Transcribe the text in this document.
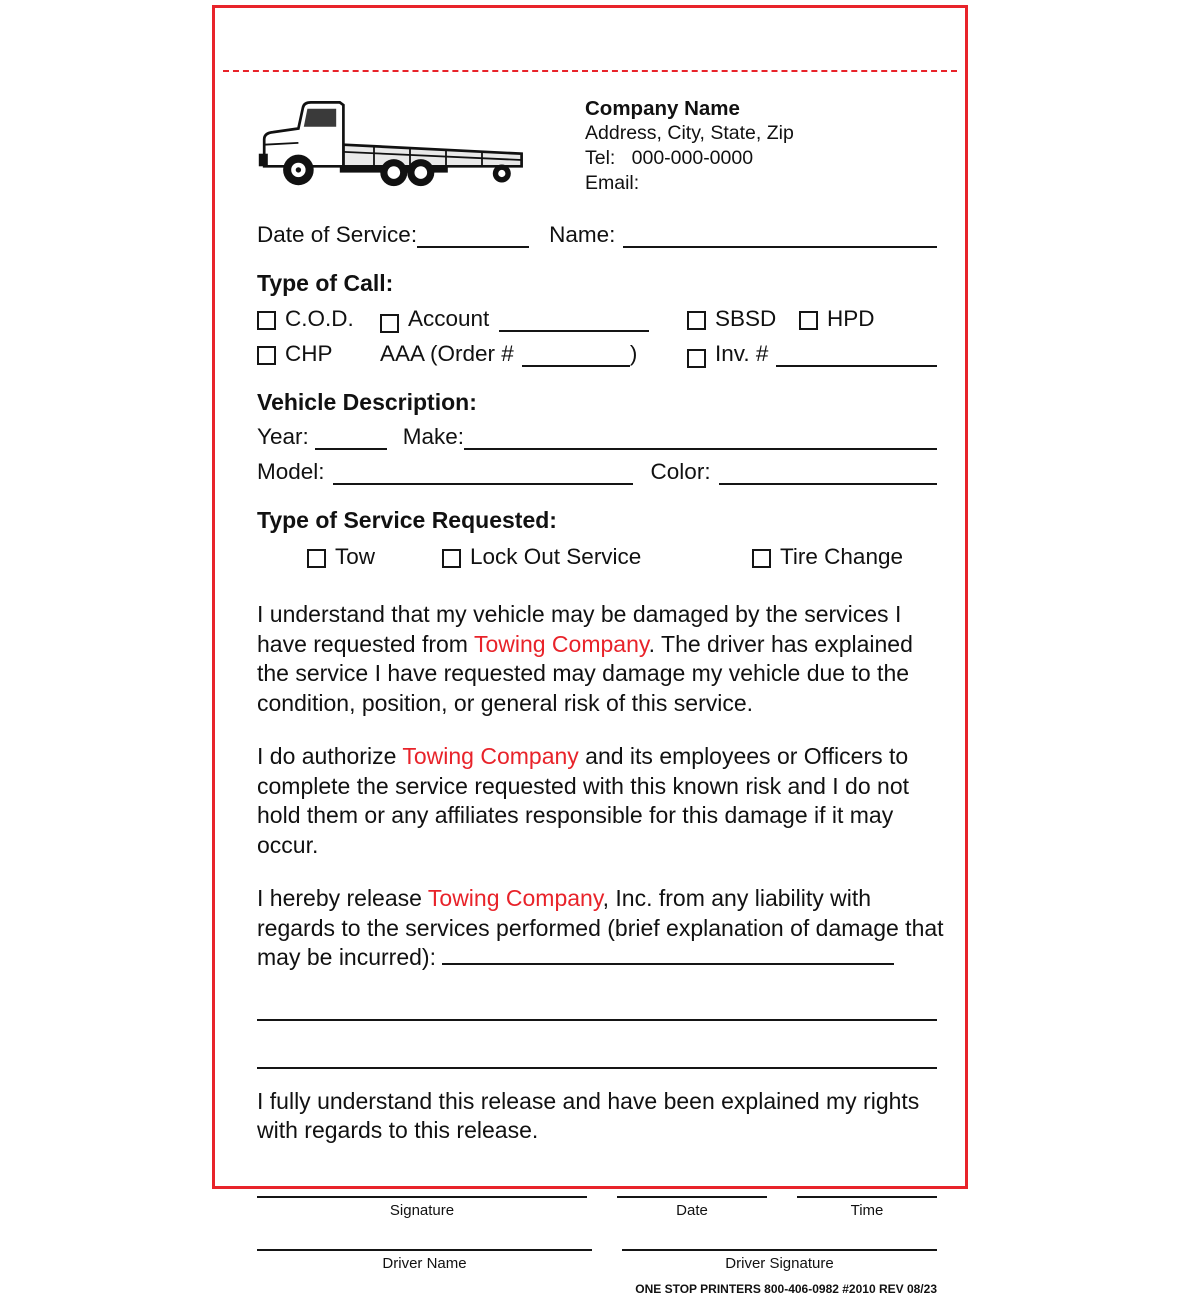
Company Name
Address, City, State, Zip
Tel: 000-000-0000
Email:
Date of Service:	Name:
Type of Call:
C.O.D. Account	SBSD HPD
CHP AAA (Order #	)	Inv. #
Vehicle Description:
Year:	Make:
Model:	Color:
Type of Service Requested:
Tow	Lock Out Service	Tire Change
I understand that my vehicle may be damaged by the services I have requested from Towing Company. The driver has explained the service I have requested may damage my vehicle due to the condition, position, or general risk of this service.
I do authorize Towing Company and its employees or Officers to complete the service requested with this known risk and I do not hold them or any affiliates responsible for this damage if it may occur.
I hereby release Towing Company, Inc. from any liability with regards to the services performed (brief explanation of damage that may be incurred):
I fully understand this release and have been explained my rights with regards to this release.
Signature	Date	Time
Driver Name	Driver Signature
ONE STOP PRINTERS 800-406-0982 #2010 REV 08/23
